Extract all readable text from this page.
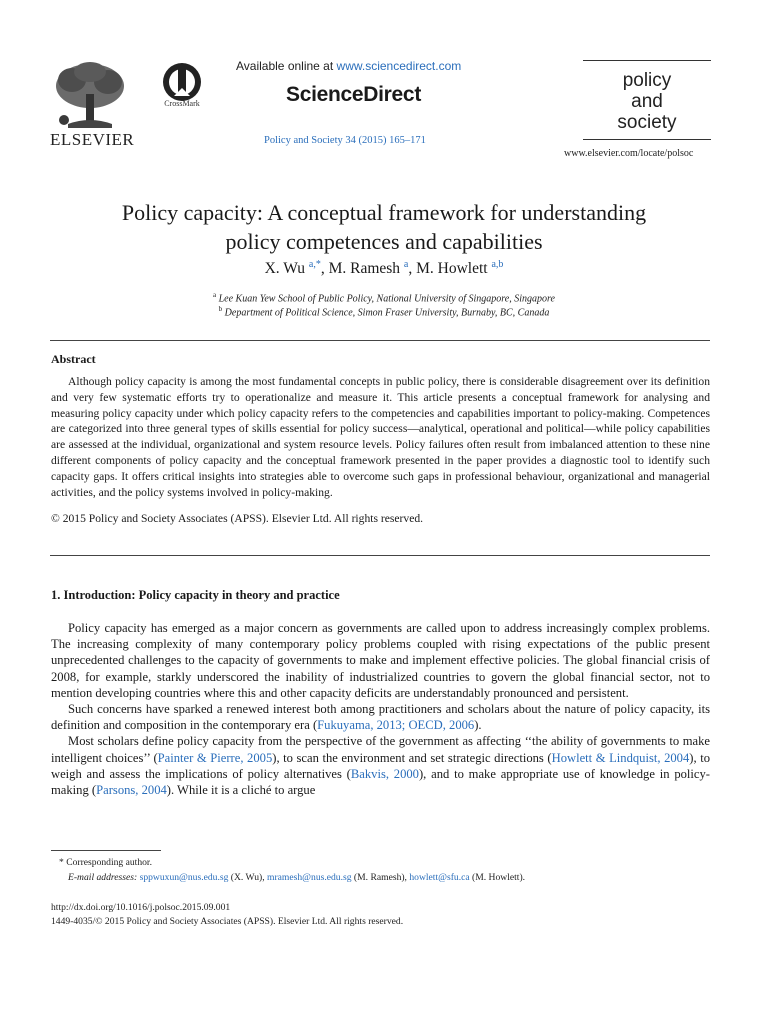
ELSEVIER
CrossMark
Available online at www.sciencedirect.com
ScienceDirect
Policy and Society 34 (2015) 165–171
policy
and
society
www.elsevier.com/locate/polsoc
Policy capacity: A conceptual framework for understanding
policy competences and capabilities
X. Wu $^{a,*}$, M. Ramesh $^a$, M. Howlett $^{a,b}$
$^a$ Lee Kuan Yew School of Public Policy, National University of Singapore, Singapore
$^b$ Department of Political Science, Simon Fraser University, Burnaby, BC, Canada
Abstract
Although policy capacity is among the most fundamental concepts in public policy, there is considerable disagreement over its definition and very few systematic efforts try to operationalize and measure it. This article presents a conceptual framework for analysing and measuring policy capacity under which policy capacity refers to the competencies and capabilities important to policy-making. Competences are categorized into three general types of skills essential for policy success—analytical, operational and political—while policy capabilities are assessed at the individual, organizational and system resource levels. Policy failures often result from imbalanced attention to these nine different components of policy capacity and the conceptual framework presented in the paper provides a diagnostic tool to identify such capacity gaps. It offers critical insights into strategies able to overcome such gaps in professional behaviour, organizational and managerial activities, and the policy systems involved in policy-making.
© 2015 Policy and Society Associates (APSS). Elsevier Ltd. All rights reserved.
1. Introduction: Policy capacity in theory and practice

Policy capacity has emerged as a major concern as governments are called upon to address increasingly complex problems. The increasing complexity of many contemporary policy problems coupled with rising expectations of the public present unprecedented challenges to the capacity of governments to make and implement effective policies. The global financial crisis of 2008, for example, starkly underscored the inability of industrialized countries to govern the global financial sector, not to mention developing countries where this and other capacity deficits are understandably pronounced and persistent.

Such concerns have sparked a renewed interest both among practitioners and scholars about the nature of policy capacity, its definition and composition in the contemporary era (Fukuyama, 2013; OECD, 2006).

Most scholars define policy capacity from the perspective of the government as affecting ‘‘the ability of governments to make intelligent choices’’ (Painter & Pierre, 2005), to scan the environment and set strategic directions (Howlett & Lindquist, 2004), to weigh and assess the implications of policy alternatives (Bakvis, 2000), and to make appropriate use of knowledge in policy-making (Parsons, 2004). While it is a cliché to argue

* Corresponding author.
E-mail addresses: sppwuxun@nus.edu.sg (X. Wu), mramesh@nus.edu.sg (M. Ramesh), howlett@sfu.ca (M. Howlett).
http://dx.doi.org/10.1016/j.polsoc.2015.09.001
1449-4035/© 2015 Policy and Society Associates (APSS). Elsevier Ltd. All rights reserved.
